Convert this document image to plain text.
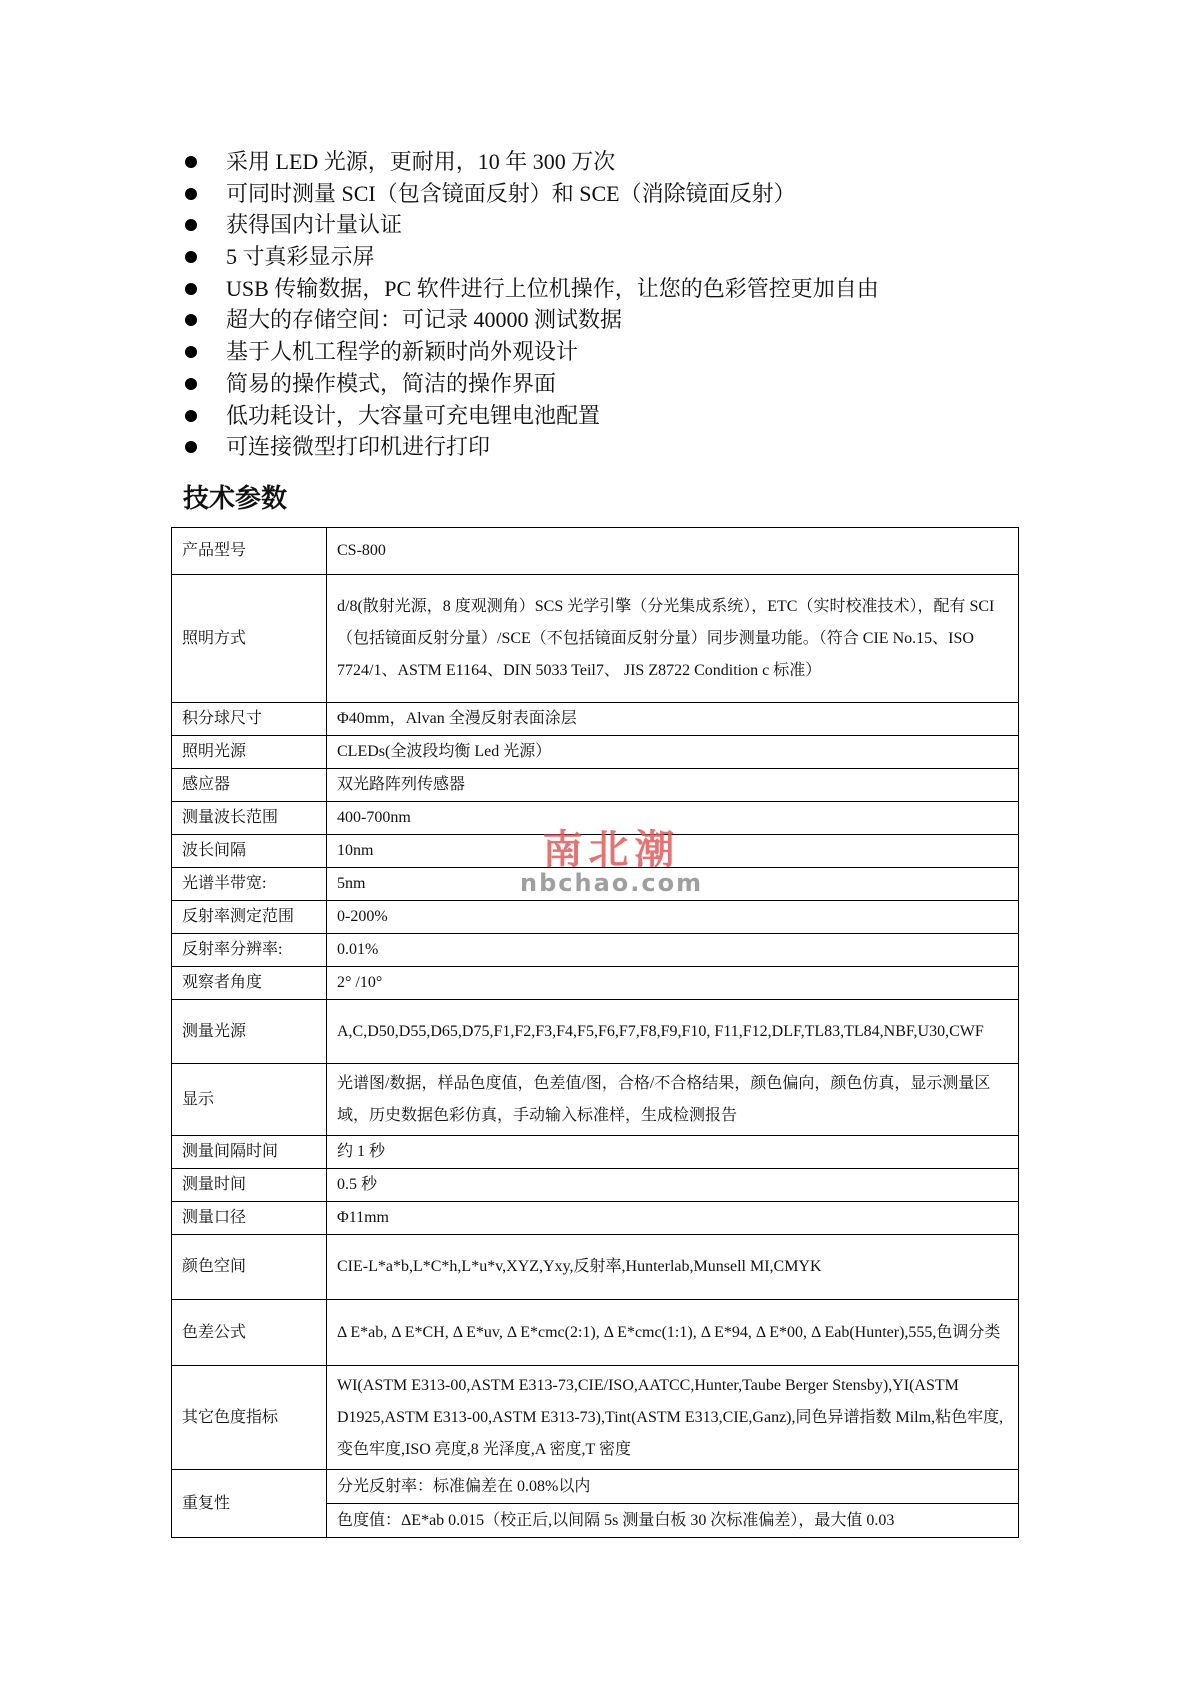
采用 LED 光源，更耐用，10 年 300 万次
可同时测量 SCI（包含镜面反射）和 SCE（消除镜面反射）
获得国内计量认证
5 寸真彩显示屏
USB 传输数据，PC 软件进行上位机操作，让您的色彩管控更加自由
超大的存储空间：可记录 40000 测试数据
基于人机工程学的新颖时尚外观设计
简易的操作模式，简洁的操作界面
低功耗设计，大容量可充电锂电池配置
可连接微型打印机进行打印
技术参数
产品型号	CS-800
照明方式	d/8(散射光源，8 度观测角）SCS 光学引擎（分光集成系统），ETC（实时校准技术），配有 SCI（包括镜面反射分量）/SCE（不包括镜面反射分量）同步测量功能。（符合 CIE No.15、ISO 7724/1、ASTM E1164、DIN 5033 Teil7、 JIS Z8722 Condition c 标准）
积分球尺寸	Φ40mm，Alvan 全漫反射表面涂层
照明光源	CLEDs(全波段均衡 Led 光源）
感应器	双光路阵列传感器
测量波长范围	400-700nm
波长间隔	10nm
光谱半带宽:	5nm
反射率测定范围	0-200%
反射率分辨率:	0.01%
观察者角度	2° /10°
测量光源	A,C,D50,D55,D65,D75,F1,F2,F3,F4,F5,F6,F7,F8,F9,F10, F11,F12,DLF,TL83,TL84,NBF,U30,CWF
显示	光谱图/数据，样品色度值，色差值/图，合格/不合格结果，颜色偏向，颜色仿真，显示测量区域，历史数据色彩仿真，手动输入标准样，生成检测报告
测量间隔时间	约 1 秒
测量时间	0.5 秒
测量口径	Φ11mm
颜色空间	CIE-L*a*b,L*C*h,L*u*v,XYZ,Yxy,反射率,Hunterlab,Munsell MI,CMYK
色差公式	Δ E*ab, Δ E*CH, Δ E*uv, Δ E*cmc(2:1), Δ E*cmc(1:1), Δ E*94, Δ E*00, Δ Eab(Hunter),555,色调分类
其它色度指标	WI(ASTM E313-00,ASTM E313-73,CIE/ISO,AATCC,Hunter,Taube Berger Stensby),YI(ASTM D1925,ASTM E313-00,ASTM E313-73),Tint(ASTM E313,CIE,Ganz),同色异谱指数 Milm,粘色牢度,变色牢度,ISO 亮度,8 光泽度,A 密度,T 密度
重复性	分光反射率：标准偏差在 0.08%以内
	色度值：ΔE*ab 0.015（校正后,以间隔 5s 测量白板 30 次标准偏差），最大值 0.03
南北潮
nbchao.com
